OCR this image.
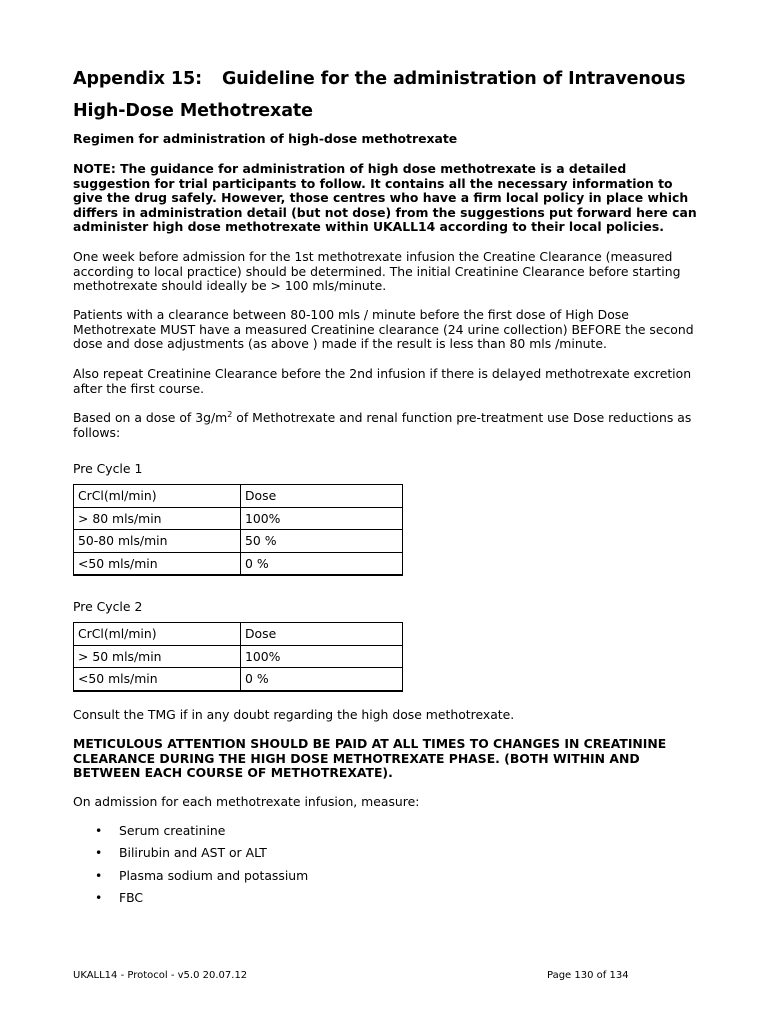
Appendix 15: Guideline for the administration of Intravenous
High-Dose Methotrexate
Regimen for administration of high-dose methotrexate
NOTE: The guidance for administration of high dose methotrexate is a detailed suggestion for trial participants to follow. It contains all the necessary information to give the drug safely. However, those centres who have a firm local policy in place which differs in administration detail (but not dose) from the suggestions put forward here can administer high dose methotrexate within UKALL14 according to their local policies.
One week before admission for the 1st methotrexate infusion the Creatine Clearance (measured according to local practice) should be determined. The initial Creatinine Clearance before starting methotrexate should ideally be > 100 mls/minute.
Patients with a clearance between 80-100 mls / minute before the first dose of High Dose Methotrexate MUST have a measured Creatinine clearance (24 urine collection) BEFORE the second dose and dose adjustments (as above ) made if the result is less than 80 mls /minute.
Also repeat Creatinine Clearance before the 2nd infusion if there is delayed methotrexate excretion after the first course.
Based on a dose of $3g/m^2$ of Methotrexate and renal function pre-treatment use Dose reductions as follows:
Pre Cycle 1
CrCl(ml/min)	Dose
> 80 mls/min	100%
50-80 mls/min	50 %
<50 mls/min	0 %
Pre Cycle 2
CrCl(ml/min)	Dose
> 50 mls/min	100%
<50 mls/min	0 %
Consult the TMG if in any doubt regarding the high dose methotrexate.
METICULOUS ATTENTION SHOULD BE PAID AT ALL TIMES TO CHANGES IN CREATININE CLEARANCE DURING THE HIGH DOSE METHOTREXATE PHASE. (BOTH WITHIN AND BETWEEN EACH COURSE OF METHOTREXATE).
On admission for each methotrexate infusion, measure:
• Serum creatinine
• Bilirubin and AST or ALT
• Plasma sodium and potassium
• FBC
UKALL14 - Protocol - v5.0 20.07.12	Page 130 of 134
